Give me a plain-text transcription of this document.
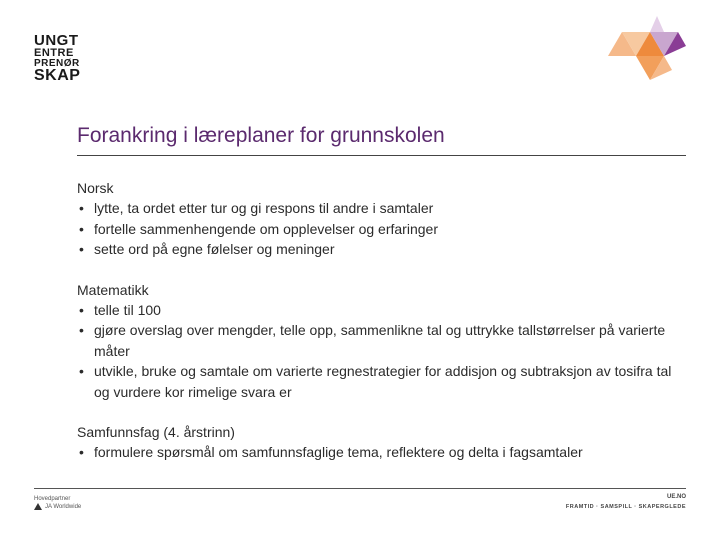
UNGT
ENTRE
PRENØR
SKAP
Forankring i læreplaner for grunnskolen

Norsk

• lytte, ta ordet etter tur og gi respons til andre i samtaler
• fortelle sammenhengende om opplevelser og erfaringer
• sette ord på egne følelser og meninger

Matematikk

• telle til 100
• gjøre overslag over mengder, telle opp, sammenlikne tal og uttrykke tallstørrelser på varierte måter
• utvikle, bruke og samtale om varierte regnestrategier for addisjon og subtraksjon av tosifra tal og vurdere kor rimelige svara er

Samfunnsfag (4. årstrinn)

• formulere spørsmål om samfunnsfaglige tema, reflektere og delta i fagsamtaler
Hovedpartner
JA Worldwide
UE.NO
FRAMTID · SAMSPILL · SKAPERGLEDE
